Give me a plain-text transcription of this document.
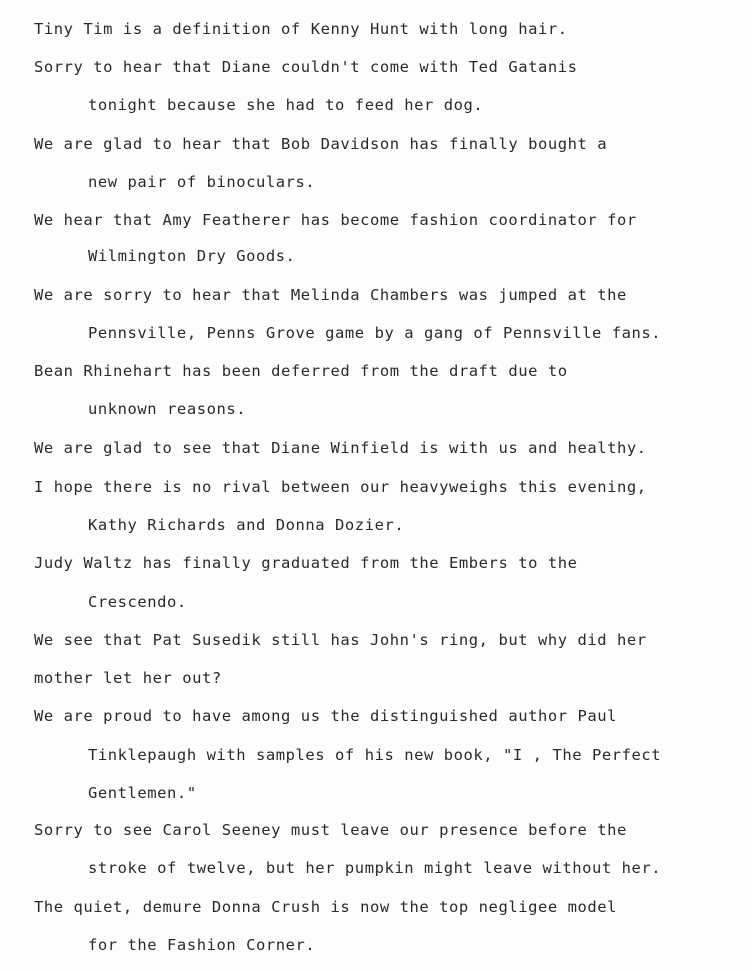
Tiny Tim is a definition of Kenny Hunt with long hair.
Sorry to hear that Diane couldn't come with Ted Gatanis
tonight because she had to feed her dog.
We are glad to hear that Bob Davidson has finally bought a
new pair of binoculars.
We hear that Amy Featherer has become fashion coordinator for
Wilmington Dry Goods.
We are sorry to hear that Melinda Chambers was jumped at the
Pennsville, Penns Grove game by a gang of Pennsville fans.
Bean Rhinehart has been deferred from the draft due to
unknown reasons.
We are glad to see that Diane Winfield is with us and healthy.
I hope there is no rival between our heavyweighs this evening,
Kathy Richards and Donna Dozier.
Judy Waltz has finally graduated from the Embers to the
Crescendo.
We see that Pat Susedik still has John's ring, but why did her
mother let her out?
We are proud to have among us the distinguished author Paul
Tinklepaugh with samples of his new book, "I , The Perfect
Gentlemen."
Sorry to see Carol Seeney must leave our presence before the
stroke of twelve, but her pumpkin might leave without her.
The quiet, demure Donna Crush is now the top negligee model
for the Fashion Corner.
